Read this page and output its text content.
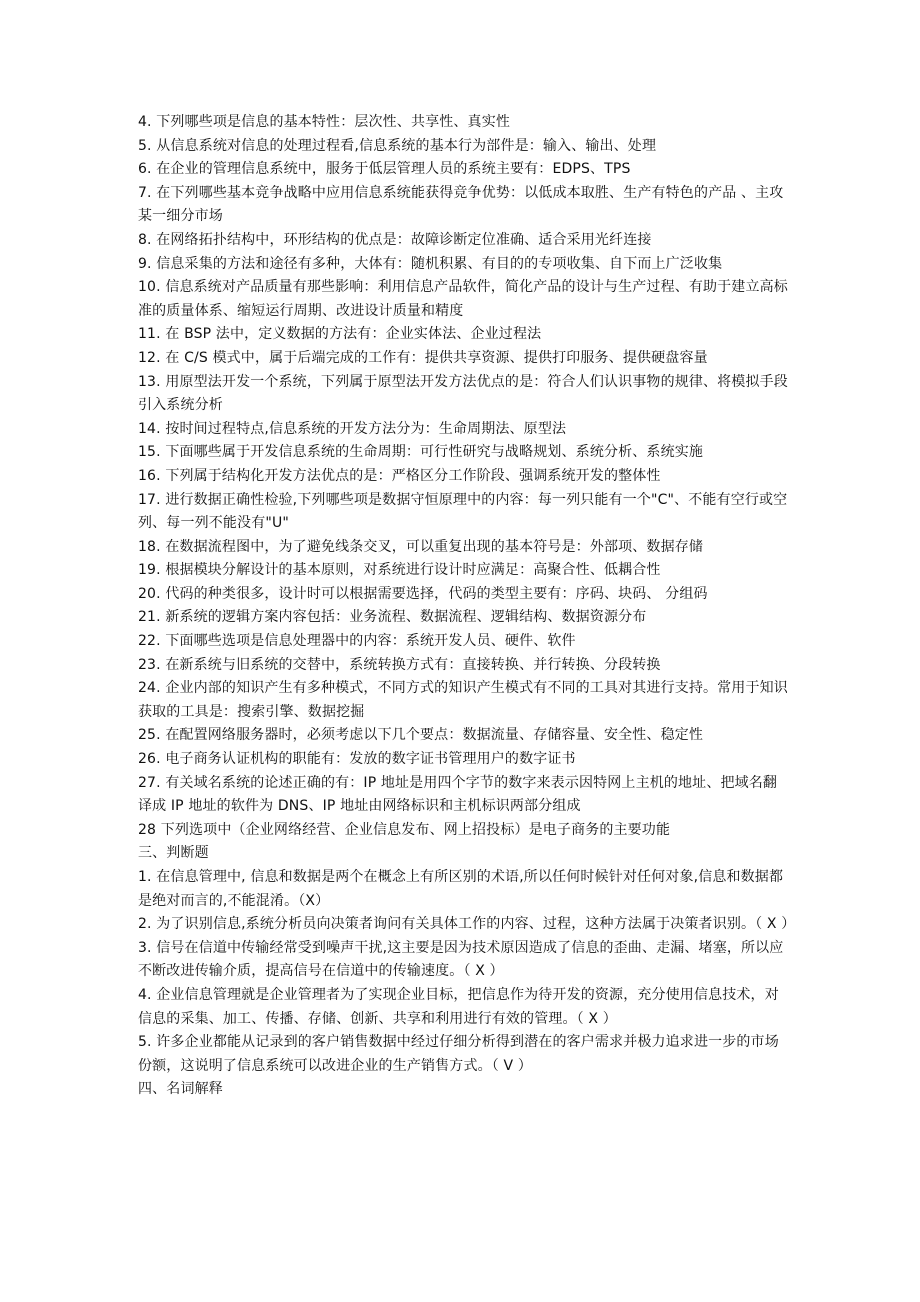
4. 下列哪些项是信息的基本特性：层次性、共享性、真实性

5. 从信息系统对信息的处理过程看,信息系统的基本行为部件是：输入、输出、处理

6. 在企业的管理信息系统中，服务于低层管理人员的系统主要有：EDPS、TPS

7. 在下列哪些基本竞争战略中应用信息系统能获得竞争优势：以低成本取胜、生产有特色的产品 、主攻某一细分市场

8. 在网络拓扑结构中，环形结构的优点是：故障诊断定位准确、适合采用光纤连接

9. 信息采集的方法和途径有多种，大体有：随机积累、有目的的专项收集、自下而上广泛收集

10. 信息系统对产品质量有那些影响：利用信息产品软件，简化产品的设计与生产过程、有助于建立高标准的质量体系、缩短运行周期、改进设计质量和精度

11. 在 BSP 法中，定义数据的方法有：企业实体法、企业过程法

12. 在 C/S 模式中，属于后端完成的工作有：提供共享资源、提供打印服务、提供硬盘容量

13. 用原型法开发一个系统，下列属于原型法开发方法优点的是：符合人们认识事物的规律、将模拟手段引入系统分析

14. 按时间过程特点,信息系统的开发方法分为：生命周期法、原型法

15. 下面哪些属于开发信息系统的生命周期：可行性研究与战略规划、系统分析、系统实施

16. 下列属于结构化开发方法优点的是：严格区分工作阶段、强调系统开发的整体性

17. 进行数据正确性检验,下列哪些项是数据守恒原理中的内容：每一列只能有一个"C"、不能有空行或空列、每一列不能没有"U"

18. 在数据流程图中，为了避免线条交叉，可以重复出现的基本符号是：外部项、数据存储

19. 根据模块分解设计的基本原则，对系统进行设计时应满足：高聚合性、低耦合性

20. 代码的种类很多，设计时可以根据需要选择，代码的类型主要有：序码、块码、 分组码

21. 新系统的逻辑方案内容包括：业务流程、数据流程、逻辑结构、数据资源分布

22. 下面哪些选项是信息处理器中的内容：系统开发人员、硬件、软件

23. 在新系统与旧系统的交替中，系统转换方式有：直接转换、并行转换、分段转换

24. 企业内部的知识产生有多种模式，不同方式的知识产生模式有不同的工具对其进行支持。常用于知识获取的工具是：搜索引擎、数据挖掘

25. 在配置网络服务器时，必须考虑以下几个要点：数据流量、存储容量、安全性、稳定性

26. 电子商务认证机构的职能有：发放的数字证书管理用户的数字证书

27. 有关域名系统的论述正确的有：IP 地址是用四个字节的数字来表示因特网上主机的地址、把域名翻译成 IP 地址的软件为 DNS、IP 地址由网络标识和主机标识两部分组成

28 下列选项中（企业网络经营、企业信息发布、网上招投标）是电子商务的主要功能

三、判断题

1. 在信息管理中, 信息和数据是两个在概念上有所区别的术语,所以任何时候针对任何对象,信息和数据都是绝对而言的,不能混淆。（X）

2. 为了识别信息,系统分析员向决策者询问有关具体工作的内容、过程，这种方法属于决策者识别。（ X ）

3. 信号在信道中传输经常受到噪声干扰,这主要是因为技术原因造成了信息的歪曲、走漏、堵塞，所以应不断改进传输介质，提高信号在信道中的传输速度。（ X ）

4. 企业信息管理就是企业管理者为了实现企业目标，把信息作为待开发的资源，充分使用信息技术，对信息的采集、加工、传播、存储、创新、共享和利用进行有效的管理。（ X ）

5. 许多企业都能从记录到的客户销售数据中经过仔细分析得到潜在的客户需求并极力追求进一步的市场份额，这说明了信息系统可以改进企业的生产销售方式。（ V ）

四、名词解释
